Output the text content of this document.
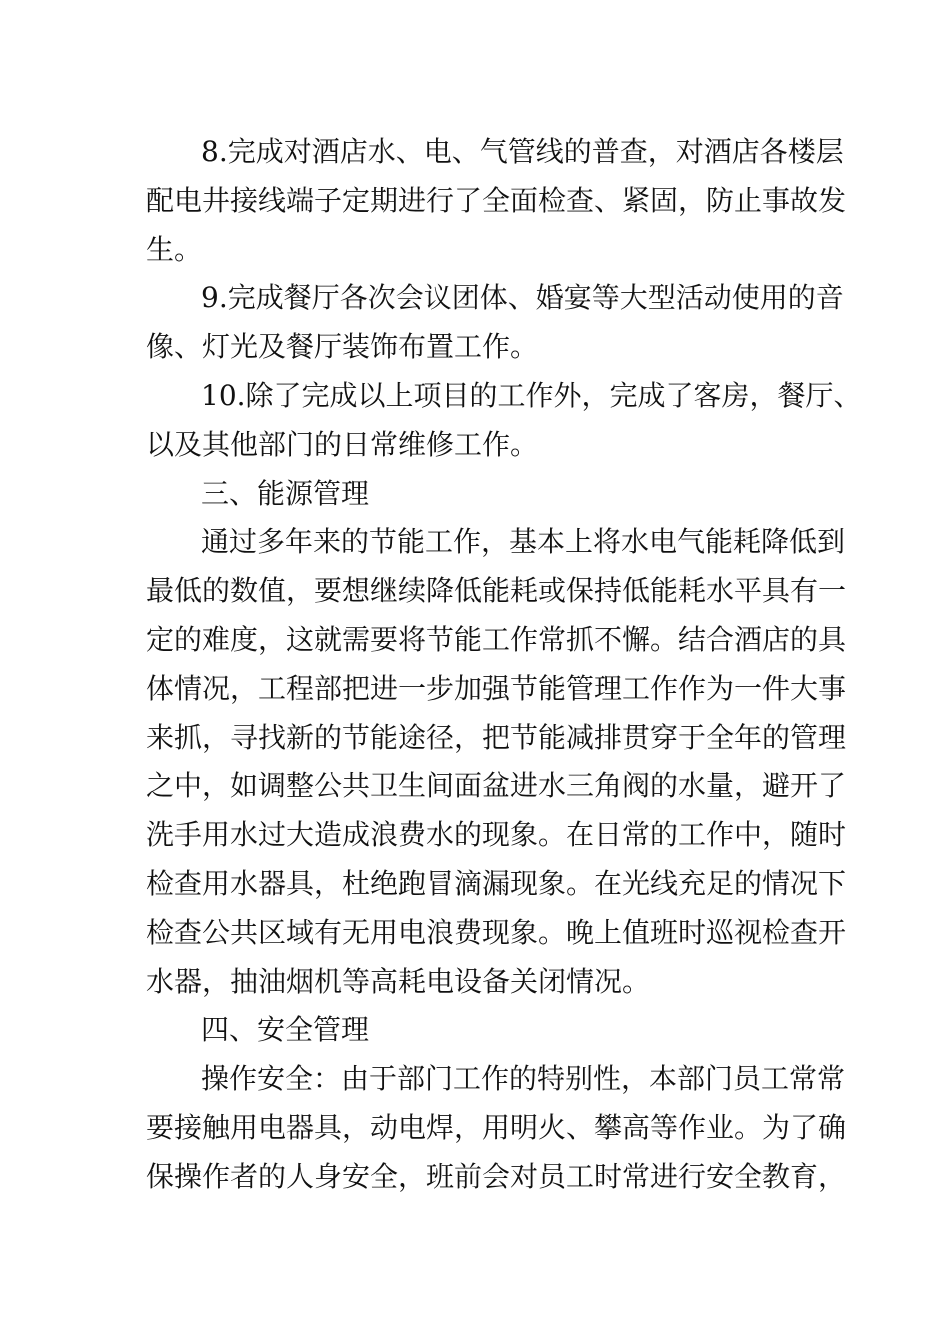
8.完成对酒店水、电、气管线的普查，对酒店各楼层
配电井接线端子定期进行了全面检查、紧固，防止事故发
生。
9.完成餐厅各次会议团体、婚宴等大型活动使用的音
像、灯光及餐厅装饰布置工作。
10.除了完成以上项目的工作外，完成了客房，餐厅、
以及其他部门的日常维修工作。
三、能源管理
通过多年来的节能工作，基本上将水电气能耗降低到
最低的数值，要想继续降低能耗或保持低能耗水平具有一
定的难度，这就需要将节能工作常抓不懈。结合酒店的具
体情况，工程部把进一步加强节能管理工作作为一件大事
来抓，寻找新的节能途径，把节能减排贯穿于全年的管理
之中，如调整公共卫生间面盆进水三角阀的水量，避开了
洗手用水过大造成浪费水的现象。在日常的工作中，随时
检查用水器具，杜绝跑冒滴漏现象。在光线充足的情况下
检查公共区域有无用电浪费现象。晚上值班时巡视检查开
水器，抽油烟机等高耗电设备关闭情况。
四、安全管理
操作安全：由于部门工作的特别性，本部门员工常常
要接触用电器具，动电焊，用明火、攀高等作业。为了确
保操作者的人身安全，班前会对员工时常进行安全教育，
